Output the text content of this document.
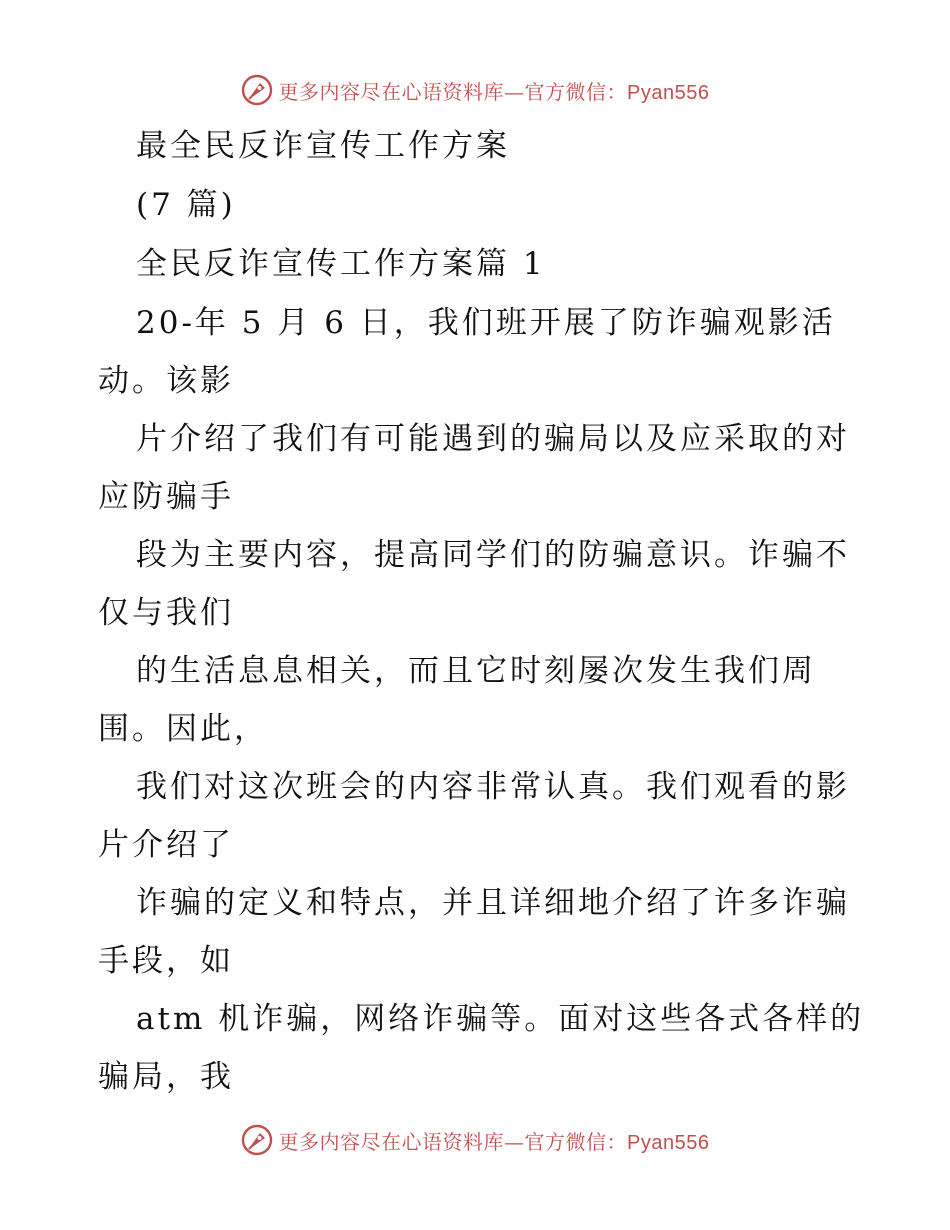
更多内容尽在心语资料库—官方微信：Pyan556
最全民反诈宣传工作方案
(7 篇)
全民反诈宣传工作方案篇 1
20-年 5 月 6 日，我们班开展了防诈骗观影活
动。该影
片介绍了我们有可能遇到的骗局以及应采取的对
应防骗手
段为主要内容，提高同学们的防骗意识。诈骗不
仅与我们
的生活息息相关，而且它时刻屡次发生我们周
围。因此，
我们对这次班会的内容非常认真。我们观看的影
片介绍了
诈骗的定义和特点，并且详细地介绍了许多诈骗
手段，如
atm 机诈骗，网络诈骗等。面对这些各式各样的
骗局，我
更多内容尽在心语资料库—官方微信：Pyan556
